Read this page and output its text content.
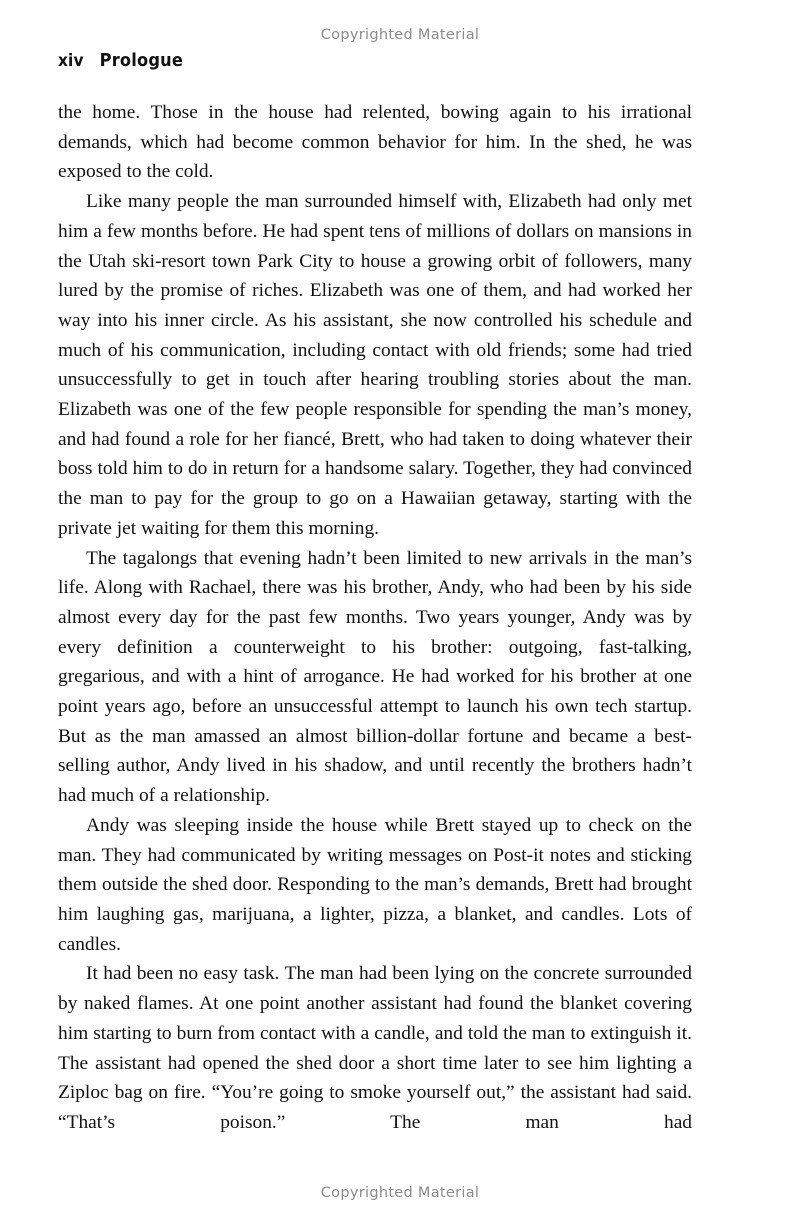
Copyrighted Material
xiv Prologue

the home. Those in the house had relented, bowing again to his irrational demands, which had become common behavior for him. In the shed, he was exposed to the cold.

Like many people the man surrounded himself with, Elizabeth had only met him a few months before. He had spent tens of millions of dollars on mansions in the Utah ski-resort town Park City to house a growing orbit of followers, many lured by the promise of riches. Elizabeth was one of them, and had worked her way into his inner circle. As his assistant, she now controlled his schedule and much of his communication, including contact with old friends; some had tried unsuccessfully to get in touch after hearing troubling stories about the man. Elizabeth was one of the few people responsible for spending the man’s money, and had found a role for her fiancé, Brett, who had taken to doing whatever their boss told him to do in return for a handsome salary. Together, they had convinced the man to pay for the group to go on a Hawaiian getaway, starting with the private jet waiting for them this morning.

The tagalongs that evening hadn’t been limited to new arrivals in the man’s life. Along with Rachael, there was his brother, Andy, who had been by his side almost every day for the past few months. Two years younger, Andy was by every definition a counterweight to his brother: outgoing, fast-talking, gregarious, and with a hint of arrogance. He had worked for his brother at one point years ago, before an unsuccessful attempt to launch his own tech startup. But as the man amassed an almost billion-dollar fortune and became a best-selling author, Andy lived in his shadow, and until recently the brothers hadn’t had much of a relationship.

Andy was sleeping inside the house while Brett stayed up to check on the man. They had communicated by writing messages on Post-it notes and sticking them outside the shed door. Responding to the man’s demands, Brett had brought him laughing gas, marijuana, a lighter, pizza, a blanket, and candles. Lots of candles.

It had been no easy task. The man had been lying on the concrete surrounded by naked flames. At one point another assistant had found the blanket covering him starting to burn from contact with a candle, and told the man to extinguish it. The assistant had opened the shed door a short time later to see him lighting a Ziploc bag on fire. “You’re going to smoke yourself out,” the assistant had said. “That’s poison.” The man had

Copyrighted Material
